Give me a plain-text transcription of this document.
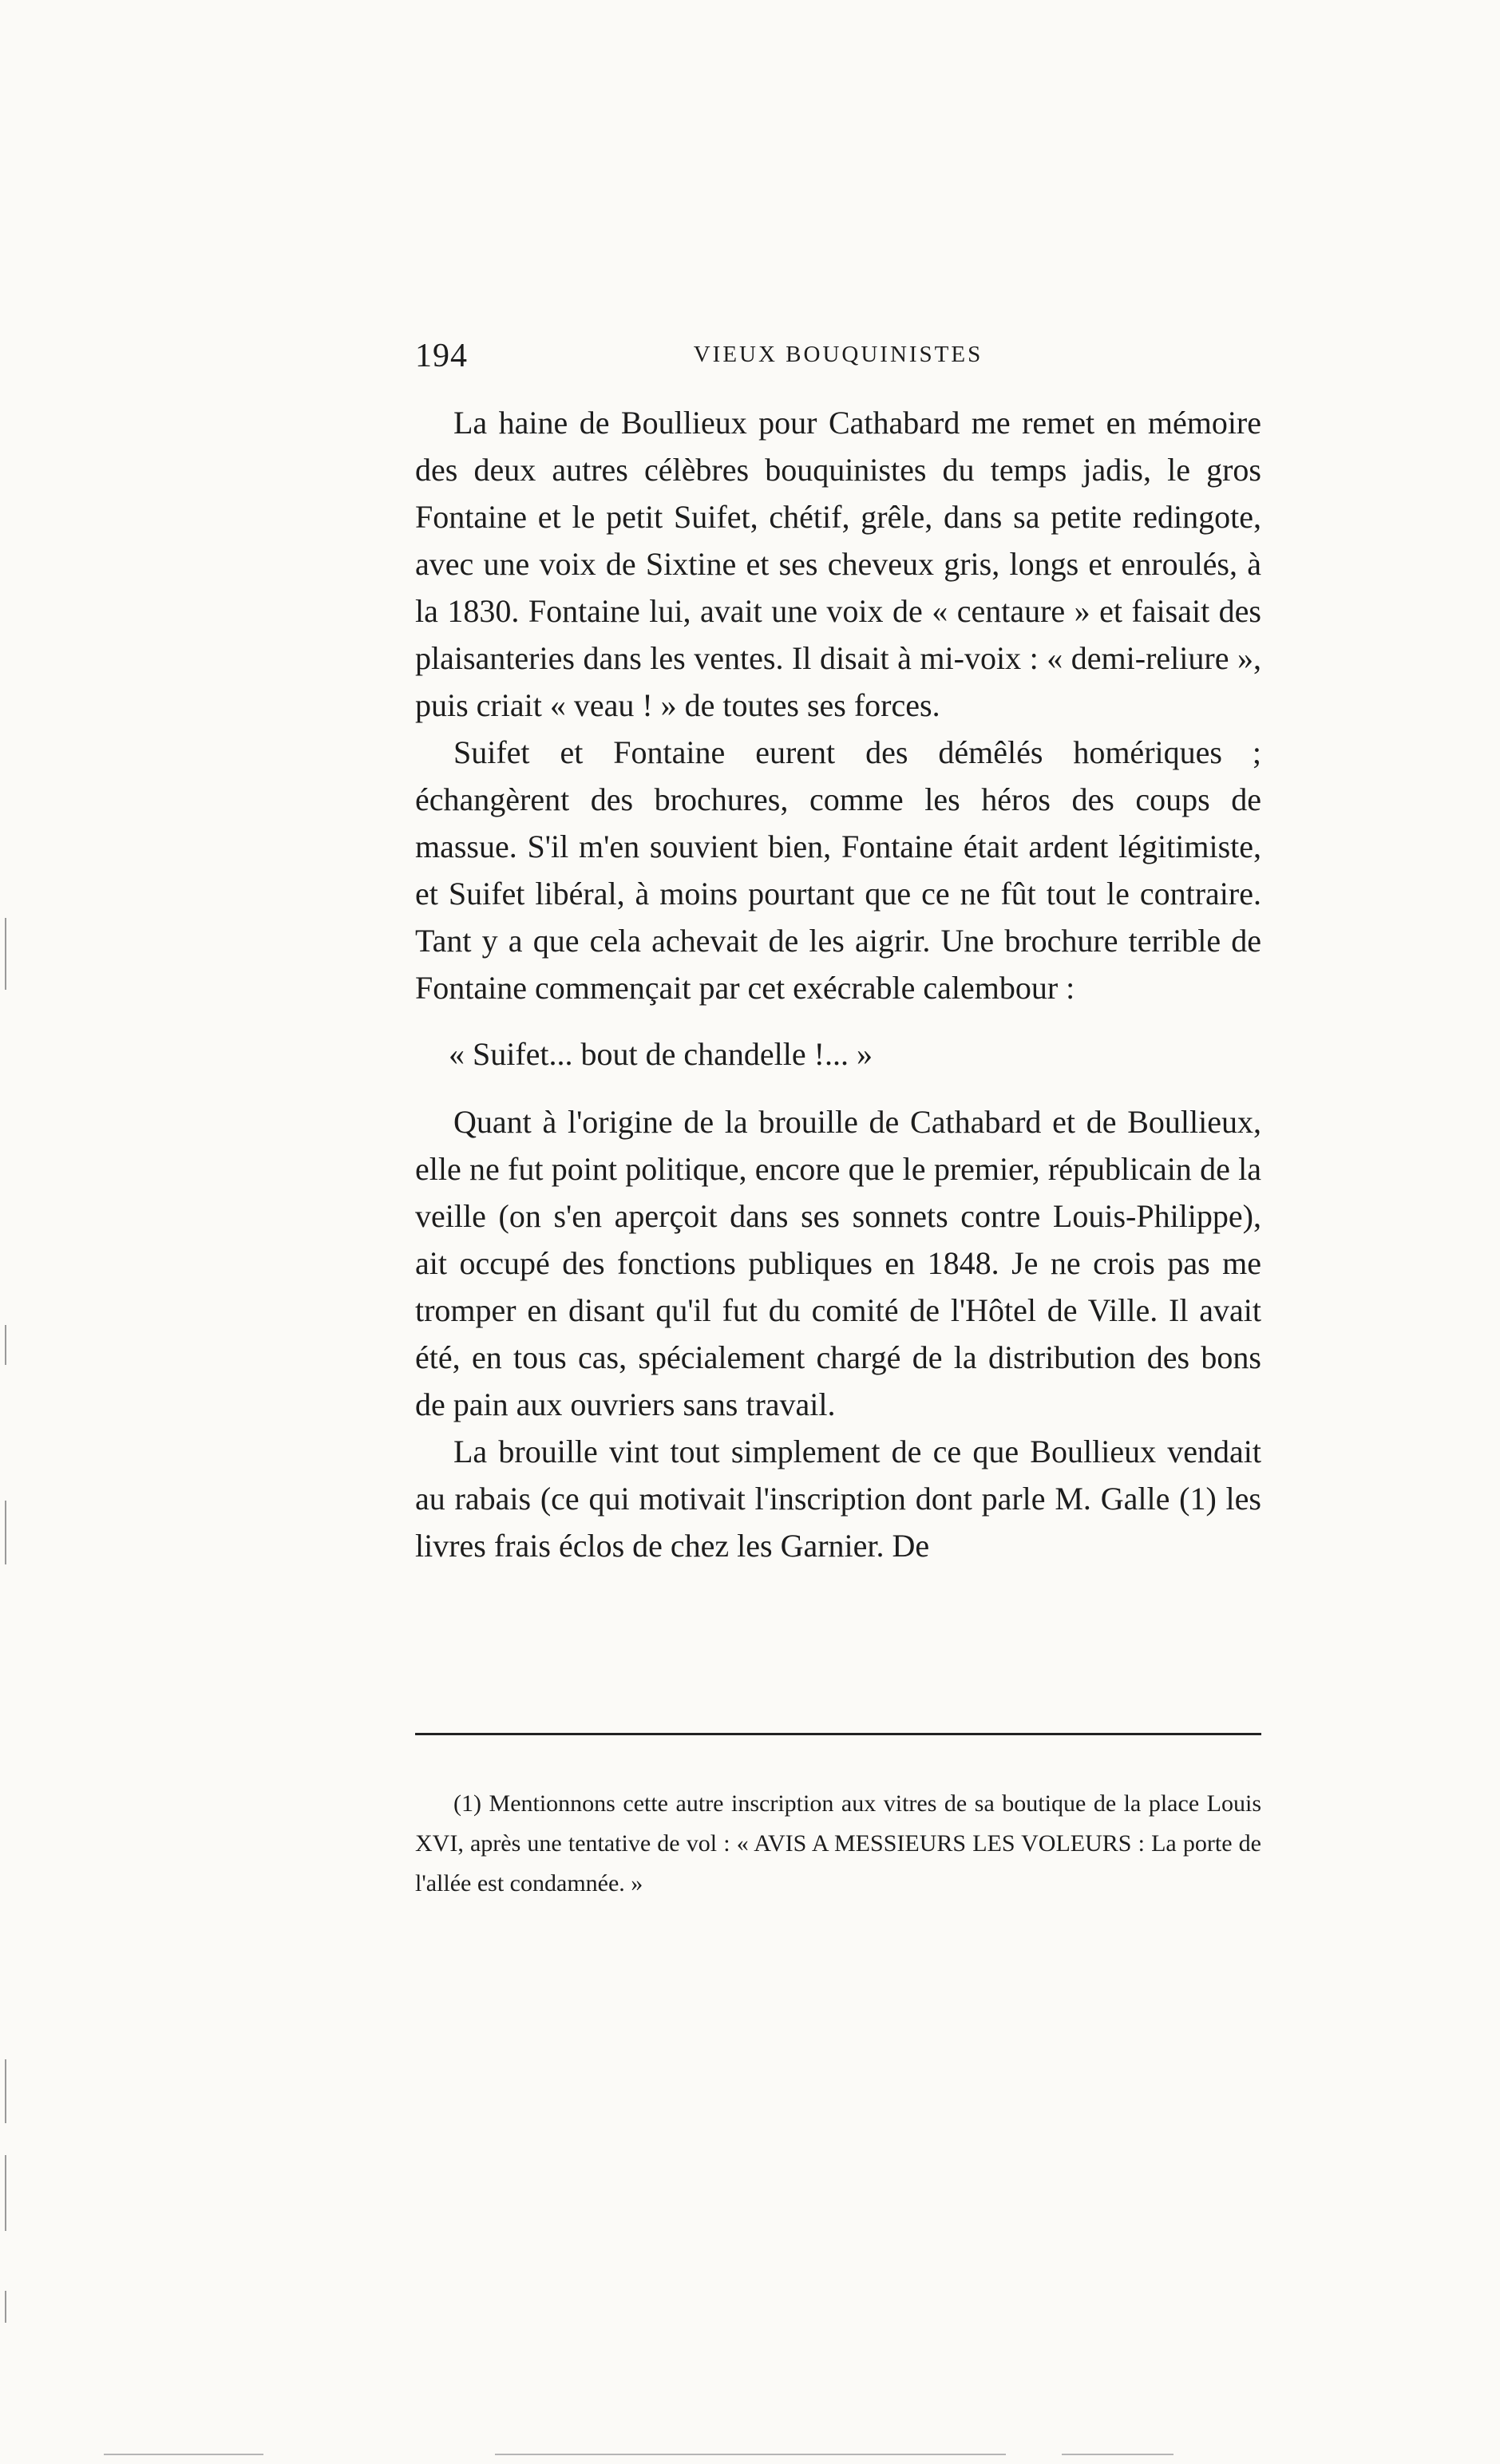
194	VIEUX BOUQUINISTES

La haine de Boullieux pour Cathabard me remet en mémoire des deux autres célèbres bouquinistes du temps jadis, le gros Fontaine et le petit Suifet, chétif, grêle, dans sa petite redingote, avec une voix de Sixtine et ses cheveux gris, longs et enroulés, à la 1830. Fontaine lui, avait une voix de « centaure » et faisait des plaisanteries dans les ventes. Il disait à mi-voix : « demi-reliure », puis criait « veau ! » de toutes ses forces.

Suifet et Fontaine eurent des démêlés homériques ; échangèrent des brochures, comme les héros des coups de massue. S'il m'en souvient bien, Fontaine était ardent légitimiste, et Suifet libéral, à moins pourtant que ce ne fût tout le contraire. Tant y a que cela achevait de les aigrir. Une brochure terrible de Fontaine commençait par cet exécrable calembour :

« Suifet... bout de chandelle !... »

Quant à l'origine de la brouille de Cathabard et de Boullieux, elle ne fut point politique, encore que le premier, républicain de la veille (on s'en aperçoit dans ses sonnets contre Louis-Philippe), ait occupé des fonctions publiques en 1848. Je ne crois pas me tromper en disant qu'il fut du comité de l'Hôtel de Ville. Il avait été, en tous cas, spécialement chargé de la distribution des bons de pain aux ouvriers sans travail.

La brouille vint tout simplement de ce que Boullieux vendait au rabais (ce qui motivait l'inscription dont parle M. Galle (1) les livres frais éclos de chez les Garnier. De

(1) Mentionnons cette autre inscription aux vitres de sa boutique de la place Louis XVI, après une tentative de vol : « AVIS A MESSIEURS LES VOLEURS : La porte de l'allée est condamnée. »
